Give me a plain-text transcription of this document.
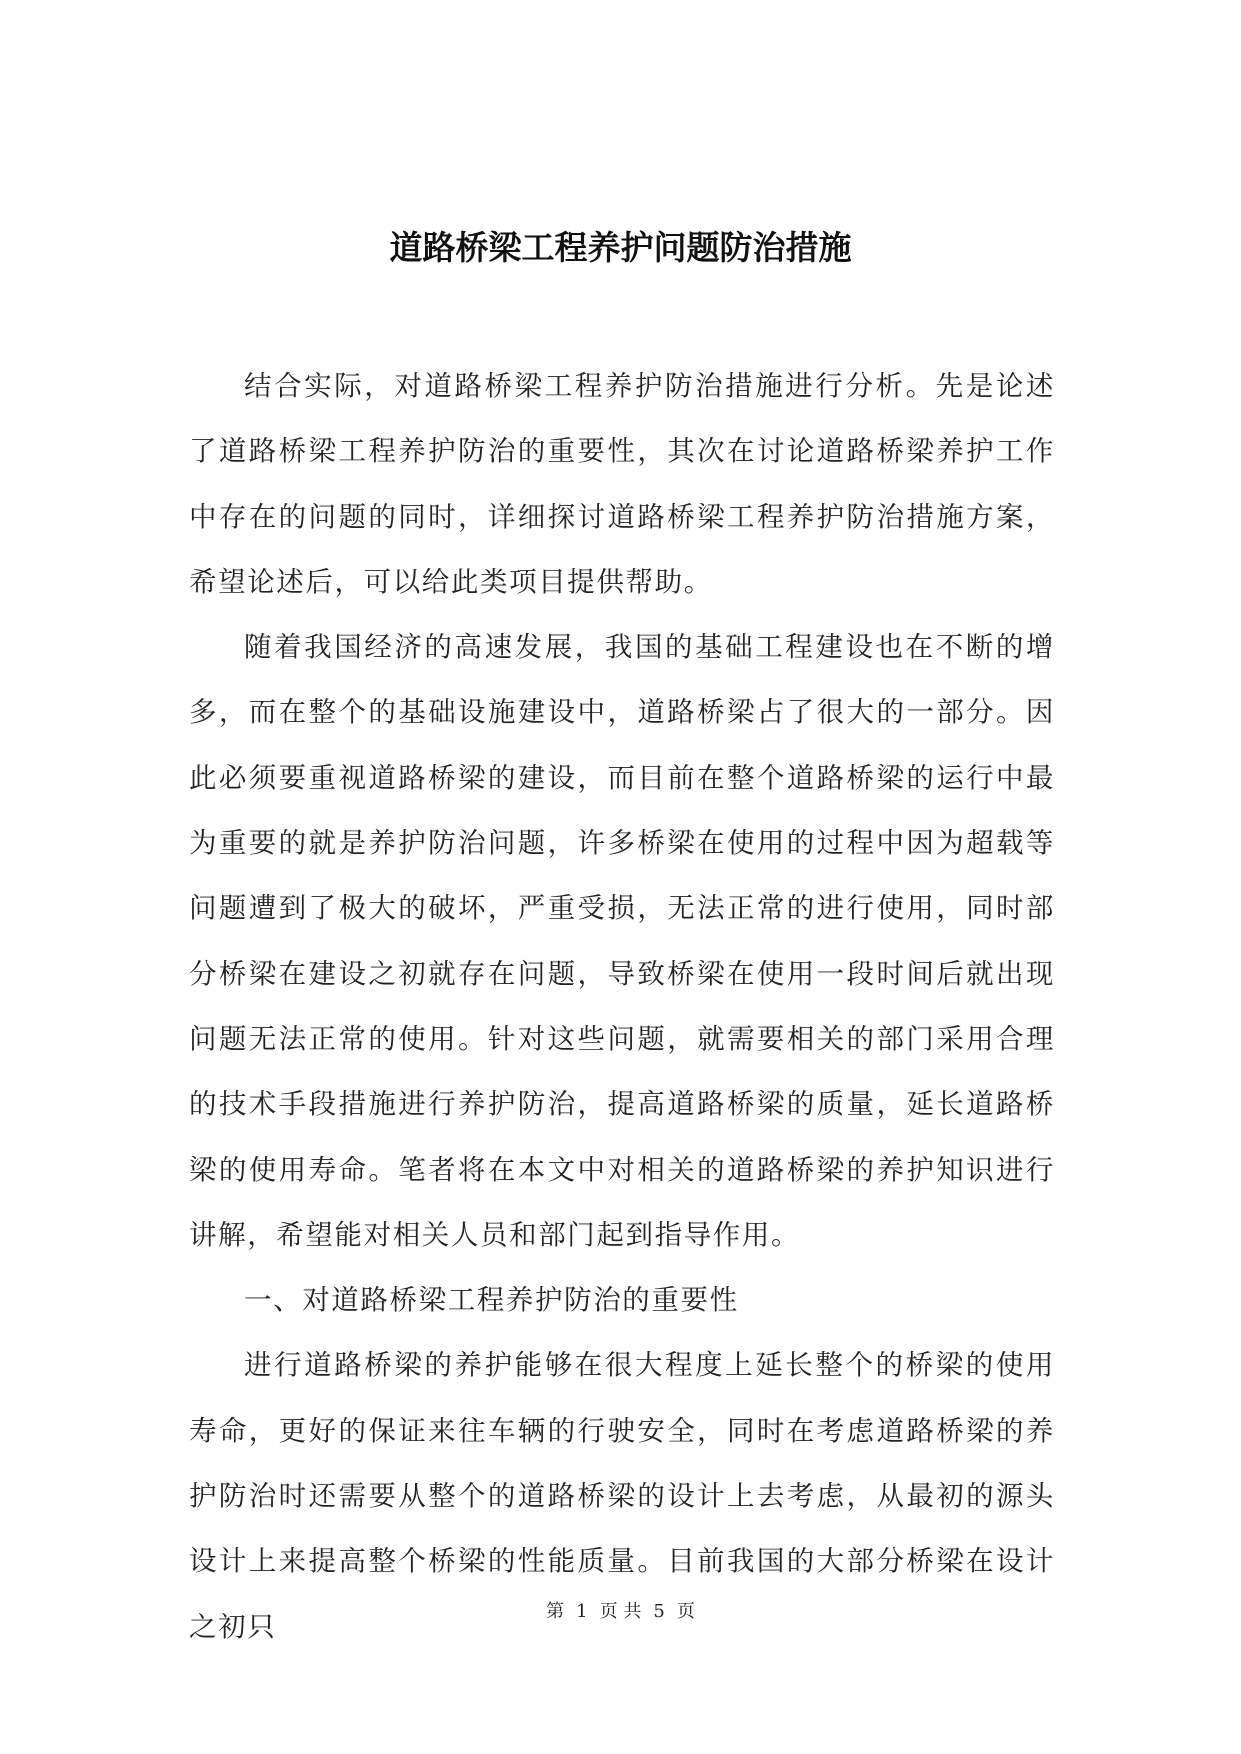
道路桥梁工程养护问题防治措施

结合实际，对道路桥梁工程养护防治措施进行分析。先是论述了道路桥梁工程养护防治的重要性，其次在讨论道路桥梁养护工作中存在的问题的同时，详细探讨道路桥梁工程养护防治措施方案，希望论述后，可以给此类项目提供帮助。

随着我国经济的高速发展，我国的基础工程建设也在不断的增多，而在整个的基础设施建设中，道路桥梁占了很大的一部分。因此必须要重视道路桥梁的建设，而目前在整个道路桥梁的运行中最为重要的就是养护防治问题，许多桥梁在使用的过程中因为超载等问题遭到了极大的破坏，严重受损，无法正常的进行使用，同时部分桥梁在建设之初就存在问题，导致桥梁在使用一段时间后就出现问题无法正常的使用。针对这些问题，就需要相关的部门采用合理的技术手段措施进行养护防治，提高道路桥梁的质量，延长道路桥梁的使用寿命。笔者将在本文中对相关的道路桥梁的养护知识进行讲解，希望能对相关人员和部门起到指导作用。

一、对道路桥梁工程养护防治的重要性

进行道路桥梁的养护能够在很大程度上延长整个的桥梁的使用寿命，更好的保证来往车辆的行驶安全，同时在考虑道路桥梁的养护防治时还需要从整个的道路桥梁的设计上去考虑，从最初的源头设计上来提高整个桥梁的性能质量。目前我国的大部分桥梁在设计之初只	第 1 页 共 5 页
